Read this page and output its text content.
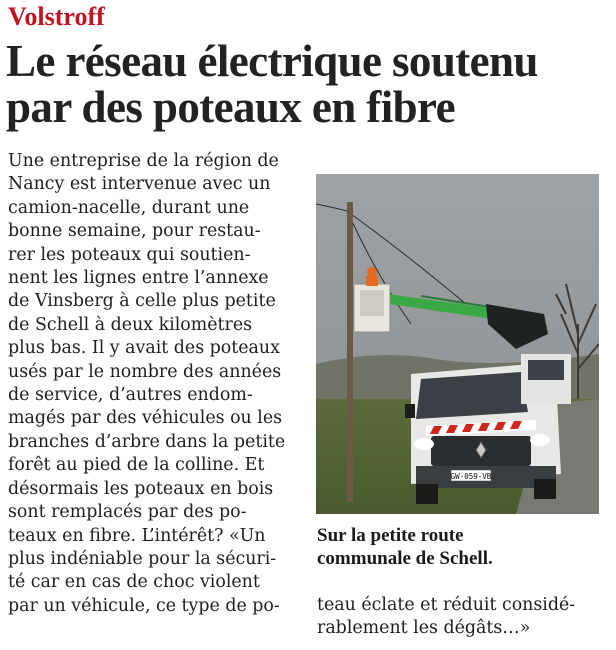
Volstroff
Le réseau électrique soutenu
par des poteaux en fibre
Une entreprise de la région de
Nancy est intervenue avec un
camion-nacelle, durant une
bonne semaine, pour restau-
rer les poteaux qui soutien-
nent les lignes entre l’annexe
de Vinsberg à celle plus petite
de Schell à deux kilomètres
plus bas. Il y avait des poteaux
usés par le nombre des années
de service, d’autres endom-
magés par des véhicules ou les
branches d’arbre dans la petite
forêt au pied de la colline. Et
désormais les poteaux en bois
sont remplacés par des po-
teaux en fibre. L’intérêt? «Un
plus indéniable pour la sécuri-
té car en cas de choc violent
par un véhicule, ce type de po-
GW-059-VB
Sur la petite route
communale de Schell.
teau éclate et réduit considé-
rablement les dégâts…»
